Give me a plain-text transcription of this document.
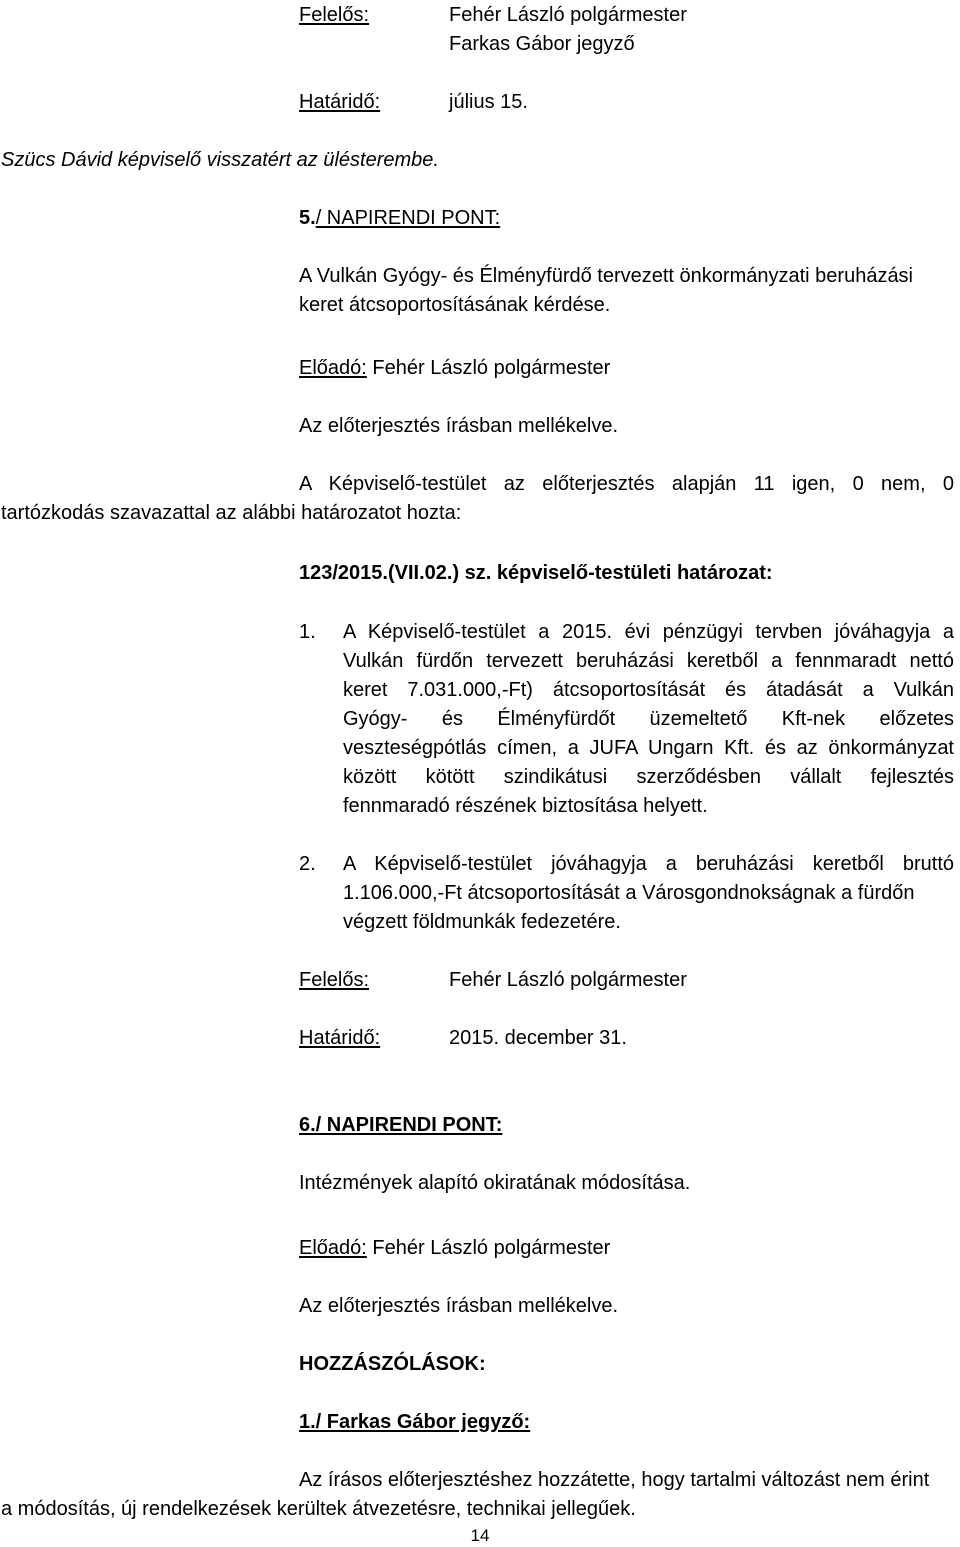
Felelős:	Fehér László polgármester
Farkas Gábor jegyző
Határidő:	július 15.
Szücs Dávid képviselő visszatért az ülésterembe.
5./ NAPIRENDI PONT:
A Vulkán Gyógy- és Élményfürdő tervezett önkormányzati beruházási
keret átcsoportosításának kérdése.
Előadó: Fehér László polgármester
Az előterjesztés írásban mellékelve.
A Képviselő-testület az előterjesztés alapján 11 igen, 0 nem, 0
tartózkodás szavazattal az alábbi határozatot hozta:
123/2015.(VII.02.) sz. képviselő-testületi határozat:
1. A Képviselő-testület a 2015. évi pénzügyi tervben jóváhagyja a
Vulkán fürdőn tervezett beruházási keretből a fennmaradt nettó
keret 7.031.000,-Ft) átcsoportosítását és átadását a Vulkán
Gyógy- és Élményfürdőt üzemeltető Kft-nek előzetes
veszteségpótlás címen, a JUFA Ungarn Kft. és az önkormányzat
között kötött szindikátusi szerződésben vállalt fejlesztés
fennmaradó részének biztosítása helyett.
2. A Képviselő-testület jóváhagyja a beruházási keretből bruttó
1.106.000,-Ft átcsoportosítását a Városgondnokságnak a fürdőn
végzett földmunkák fedezetére.
Felelős:	Fehér László polgármester
Határidő:	2015. december 31.
6./ NAPIRENDI PONT:
Intézmények alapító okiratának módosítása.
Előadó: Fehér László polgármester
Az előterjesztés írásban mellékelve.
HOZZÁSZÓLÁSOK:
1./ Farkas Gábor jegyző:
Az írásos előterjesztéshez hozzátette, hogy tartalmi változást nem érint
a módosítás, új rendelkezések kerültek átvezetésre, technikai jellegűek.
14
